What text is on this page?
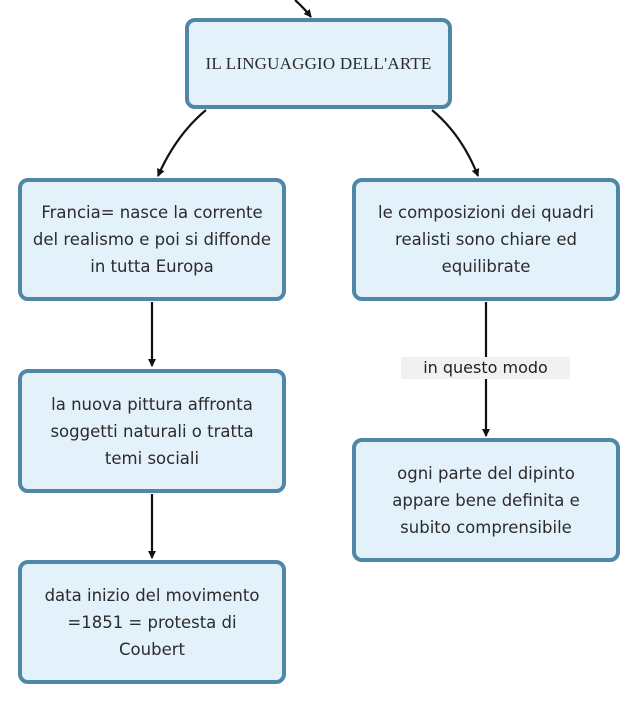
IL LINGUAGGIO DELL'ARTE
Francia= nasce la corrente del realismo e poi si diffonde in tutta Europa
le composizioni dei quadri realisti sono chiare ed equilibrate
in questo modo
la nuova pittura affronta soggetti naturali o tratta temi sociali
ogni parte del dipinto appare bene definita e subito comprensibile
data inizio del movimento =1851 = protesta di Coubert
